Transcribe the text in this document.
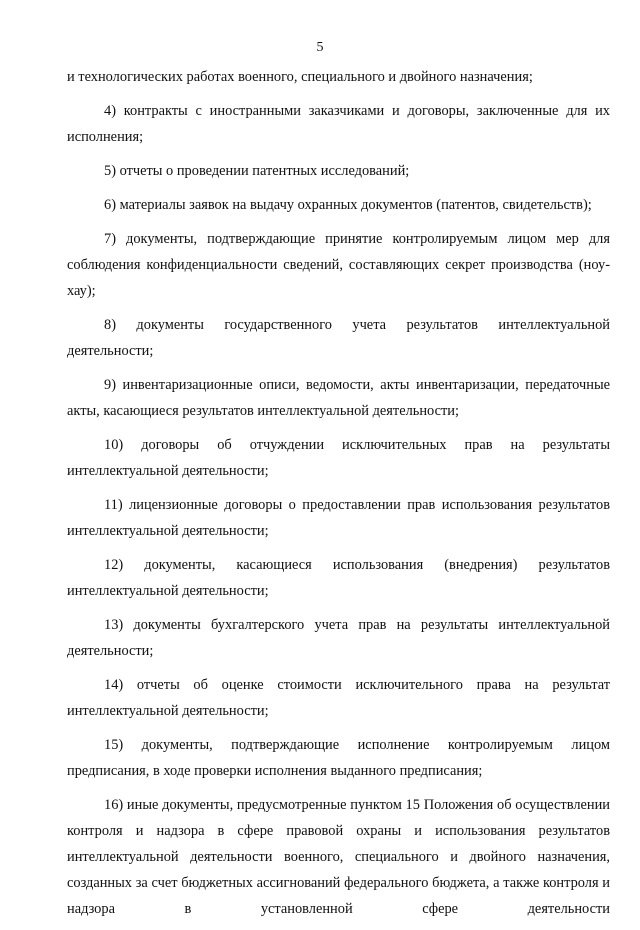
5

и технологических работах военного, специального и двойного назначения;

4) контракты с иностранными заказчиками и договоры, заключенные для их исполнения;

5) отчеты о проведении патентных исследований;

6) материалы заявок на выдачу охранных документов (патентов, свидетельств);

7) документы, подтверждающие принятие контролируемым лицом мер для соблюдения конфиденциальности сведений, составляющих секрет производства (ноу-хау);

8) документы государственного учета результатов интеллектуальной деятельности;

9) инвентаризационные описи, ведомости, акты инвентаризации, передаточные акты, касающиеся результатов интеллектуальной деятельности;

10) договоры об отчуждении исключительных прав на результаты интеллектуальной деятельности;

11) лицензионные договоры о предоставлении прав использования результатов интеллектуальной деятельности;

12) документы, касающиеся использования (внедрения) результатов интеллектуальной деятельности;

13) документы бухгалтерского учета прав на результаты интеллектуальной деятельности;

14) отчеты об оценке стоимости исключительного права на результат интеллектуальной деятельности;

15) документы, подтверждающие исполнение контролируемым лицом предписания, в ходе проверки исполнения выданного предписания;

16) иные документы, предусмотренные пунктом 15 Положения об осуществлении контроля и надзора в сфере правовой охраны и использования результатов интеллектуальной деятельности военного, специального и двойного назначения, созданных за счет бюджетных ассигнований федерального бюджета, а также контроля и надзора в установленной сфере деятельности
